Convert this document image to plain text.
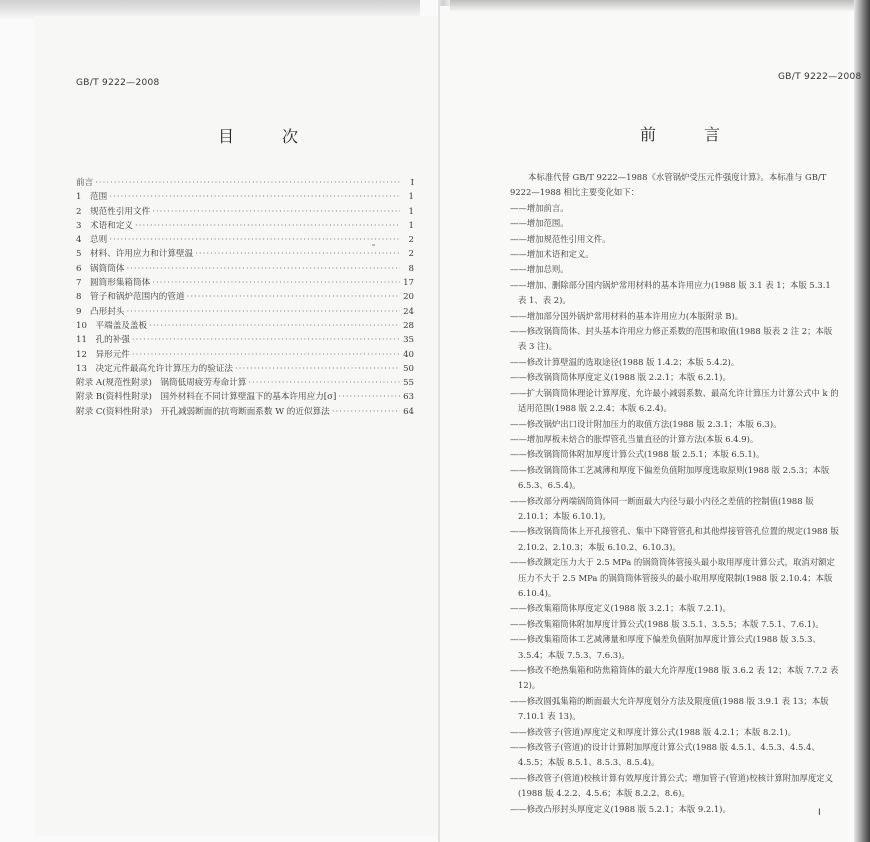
GB/T 9222—2008
目　次
前言 ·····	I
1　范围 ·····	1
2　规范性引用文件 ·····	1
3　术语和定义 ·····	1
4　总则 ·····	2
5　材料、许用应力和计算壁温 ·····	2
6　锅筒筒体 ·····	8
7　圆筒形集箱筒体 ·····	17
8　管子和锅炉范围内的管道 ·····	20
9　凸形封头 ·····	24
10　平端盖及盖板 ·····	28
11　孔的补强 ·····	35
12　异形元件 ·····	40
13　决定元件最高允许计算压力的验证法 ·····	50
附录 A(规范性附录)　锅筒低周疲劳寿命计算 ·····	55
附录 B(资料性附录)　国外材料在不同计算壁温下的基本许用应力[σ] ·····	63
附录 C(资料性附录)　开孔减弱断面的抗弯断面系数 W 的近似算法 ·····	64
GB/T 9222—2008
前　言

本标准代替 GB/T 9222—1988《水管锅炉受压元件强度计算》。本标准与 GB/T 9222—1988 相比主要变化如下：

——增加前言。

——增加范围。

——增加规范性引用文件。

——增加术语和定义。

——增加总则。

——增加、删除部分国内锅炉常用材料的基本许用应力(1988 版 3.1 表 1；本版 5.3.1 表 1、表 2)。

——增加部分国外锅炉常用材料的基本许用应力(本版附录 B)。

——修改锅筒筒体、封头基本许用应力修正系数的范围和取值(1988 版表 2 注 2；本版表 3 注)。

——修改计算壁温的选取途径(1988 版 1.4.2；本版 5.4.2)。

——修改锅筒筒体厚度定义(1988 版 2.2.1；本版 6.2.1)。

——扩大锅筒筒体理论计算厚度、允许最小减弱系数、最高允许计算压力计算公式中 k 的适用范围(1988 版 2.2.4；本版 6.2.4)。

——修改锅炉出口设计附加压力的取值方法(1988 版 2.3.1；本版 6.3)。

——增加厚板未焙合的胀焊管孔当量直径的计算方法(本版 6.4.9)。

——修改锅筒筒体附加厚度计算公式(1988 版 2.5.1；本版 6.5.1)。

——修改锅筒筒体工艺减薄和厚度下偏差负值附加厚度选取原则(1988 版 2.5.3；本版 6.5.3、6.5.4)。

——修改部分两端锅筒筒体同一断面最大内径与最小内径之差值的控制值(1988 版 2.10.1；本版 6.10.1)。

——修改锅筒筒体上开孔接管孔、集中下降管管孔和其他焊接管管孔位置的规定(1988 版 2.10.2、2.10.3；本版 6.10.2、6.10.3)。

——修改额定压力大于 2.5 MPa 的锅筒筒体管接头最小取用厚度计算公式，取消对额定压力不大于 2.5 MPa 的锅筒筒体管接头的最小取用厚度限制(1988 版 2.10.4；本版 6.10.4)。

——修改集箱筒体厚度定义(1988 版 3.2.1；本版 7.2.1)。

——修改集箱筒体附加厚度计算公式(1988 版 3.5.1、3.5.5；本版 7.5.1、7.6.1)。

——修改集箱筒体工艺减薄量和厚度下偏差负值附加厚度计算公式(1988 版 3.5.3、3.5.4；本版 7.5.3、7.6.3)。

——修改不绝热集箱和防焦箱筒体的最大允许厚度(1988 版 3.6.2 表 12；本版 7.7.2 表 12)。

——修改圆弧集箱的断面最大允许厚度划分方法及限度值(1988 版 3.9.1 表 13；本版 7.10.1 表 13)。

——修改管子(管道)厚度定义和厚度计算公式(1988 版 4.2.1；本版 8.2.1)。

——修改管子(管道)的设计计算附加厚度计算公式(1988 版 4.5.1、4.5.3、4.5.4、4.5.5；本版 8.5.1、8.5.3、8.5.4)。

——修改管子(管道)校核计算有效厚度计算公式；增加管子(管道)校核计算附加厚度定义(1988 版 4.2.2、4.5.6；本版 8.2.2、8.6)。

——修改凸形封头厚度定义(1988 版 5.2.1；本版 9.2.1)。	I
